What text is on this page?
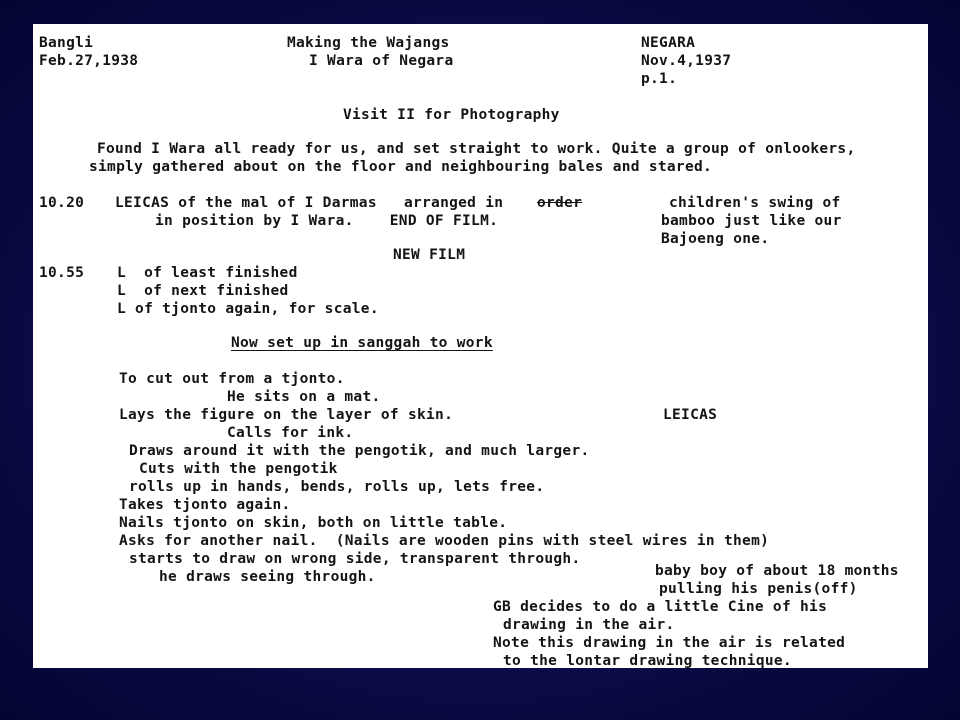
Bangli

Feb.27,1938

Making the Wajangs

I Wara of Negara

NEGARA

Nov.4,1937

p.1.

Visit II for Photography

Found I Wara all ready for us, and set straight to work. Quite a group of onlookers,

simply gathered about on the floor and neighbouring bales and stared.

10.20 LEICAS of the mal of I Darmas   arranged in order

in position by I Wara.    END OF FILM.

children's swing of

bamboo just like our

Bajoeng one.

NEW FILM

10.55 L  of least finished

L  of next finished

L of tjonto again, for scale.

Now set up in sanggah to work

To cut out from a tjonto.

He sits on a mat.

Lays the figure on the layer of skin.

Calls for ink.

Draws around it with the pengotik, and much larger.

Cuts with the pengotik

rolls up in hands, bends, rolls up, lets free.

Takes tjonto again.

Nails tjonto on skin, both on little table.

Asks for another nail.  (Nails are wooden pins with steel wires in them)

starts to draw on wrong side, transparent through.

he draws seeing through.

LEICAS

baby boy of about 18 months

pulling his penis(off)

GB decides to do a little Cine of his

drawing in the air.

Note this drawing in the air is related

to the lontar drawing technique.
